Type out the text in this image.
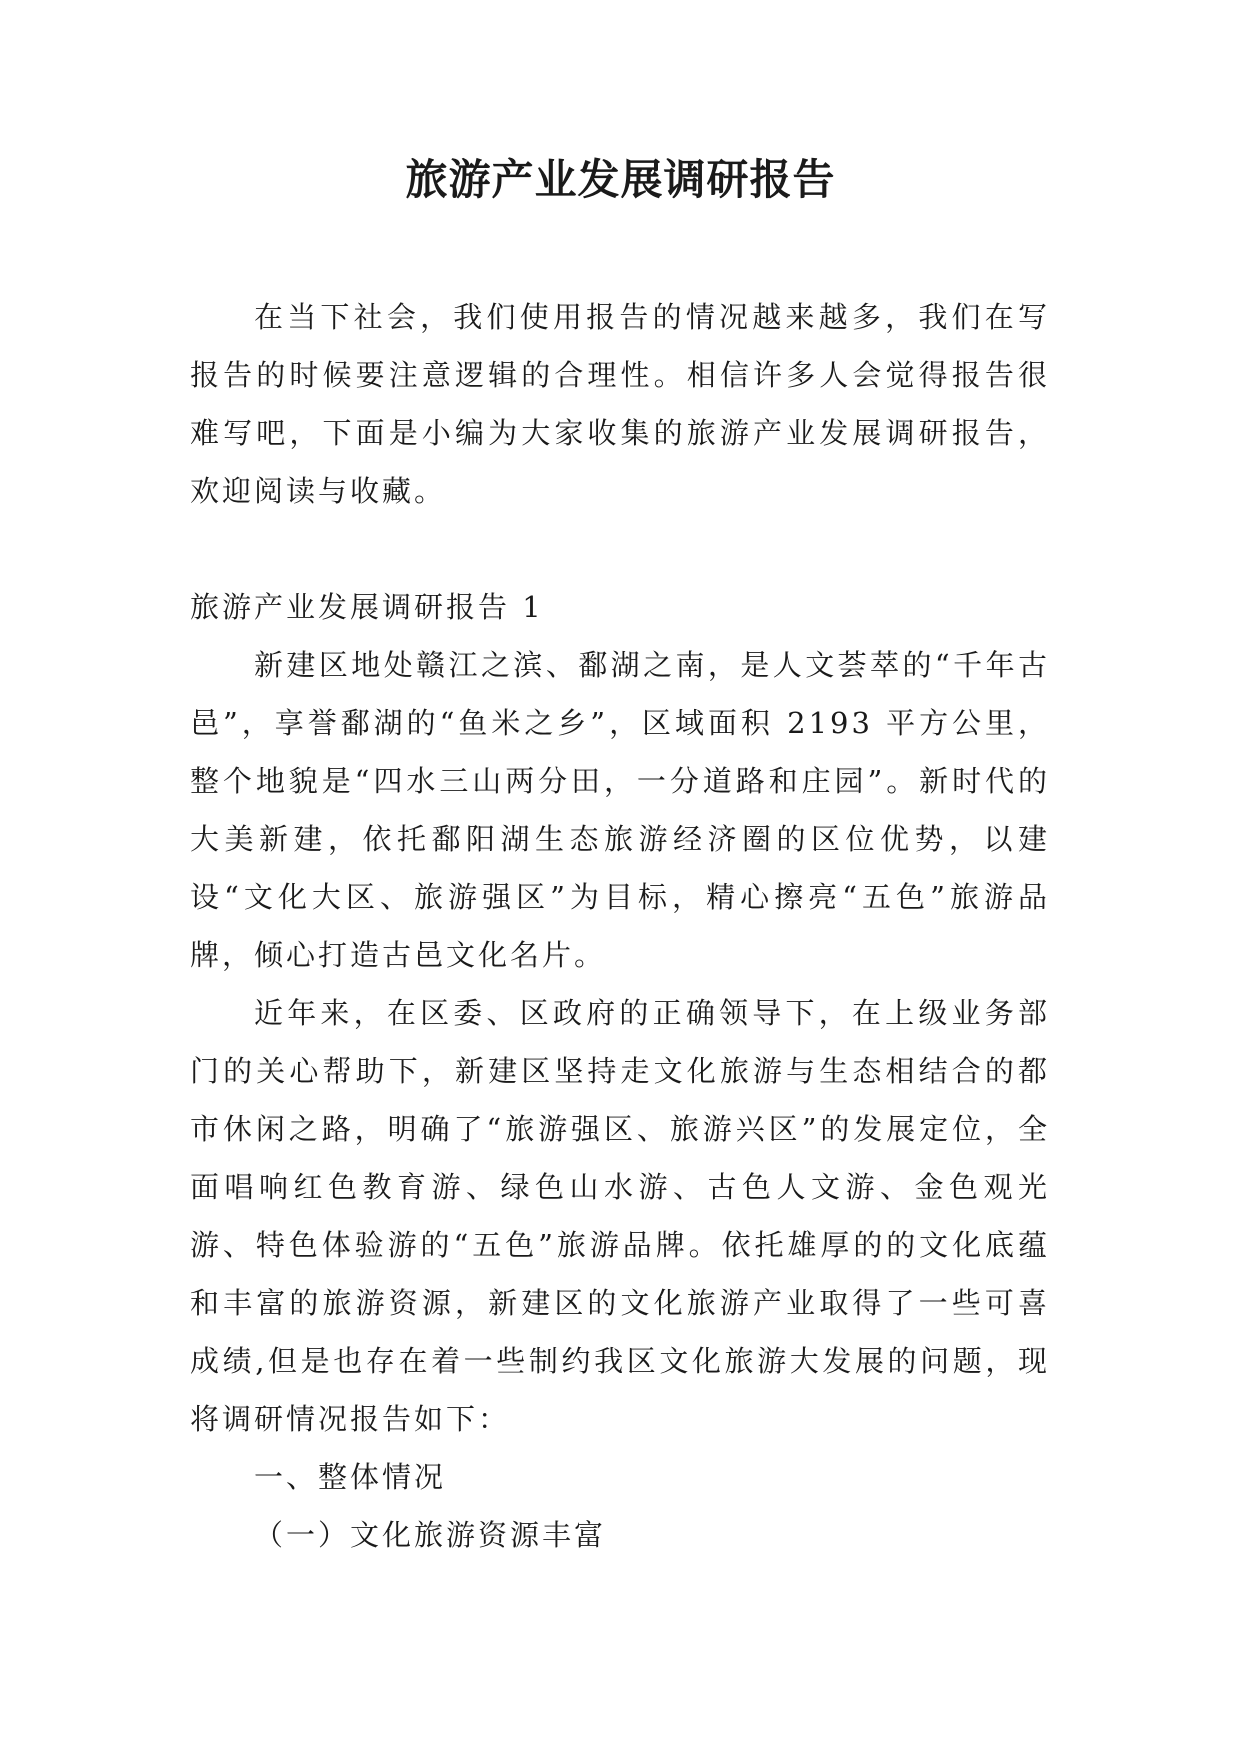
旅游产业发展调研报告

在当下社会，我们使用报告的情况越来越多，我们在写报告的时候要注意逻辑的合理性。相信许多人会觉得报告很难写吧，下面是小编为大家收集的旅游产业发展调研报告，欢迎阅读与收藏。

旅游产业发展调研报告 1

新建区地处赣江之滨、鄱湖之南，是人文荟萃的“千年古邑”，享誉鄱湖的“鱼米之乡”，区域面积 2193 平方公里，整个地貌是“四水三山两分田，一分道路和庄园”。新时代的大美新建，依托鄱阳湖生态旅游经济圈的区位优势，以建设“文化大区、旅游强区”为目标，精心擦亮“五色”旅游品牌，倾心打造古邑文化名片。

近年来，在区委、区政府的正确领导下，在上级业务部门的关心帮助下，新建区坚持走文化旅游与生态相结合的都市休闲之路，明确了“旅游强区、旅游兴区”的发展定位，全面唱响红色教育游、绿色山水游、古色人文游、金色观光游、特色体验游的“五色”旅游品牌。依托雄厚的的文化底蕴和丰富的旅游资源，新建区的文化旅游产业取得了一些可喜成绩,但是也存在着一些制约我区文化旅游大发展的问题，现将调研情况报告如下：

一、整体情况

（一）文化旅游资源丰富
